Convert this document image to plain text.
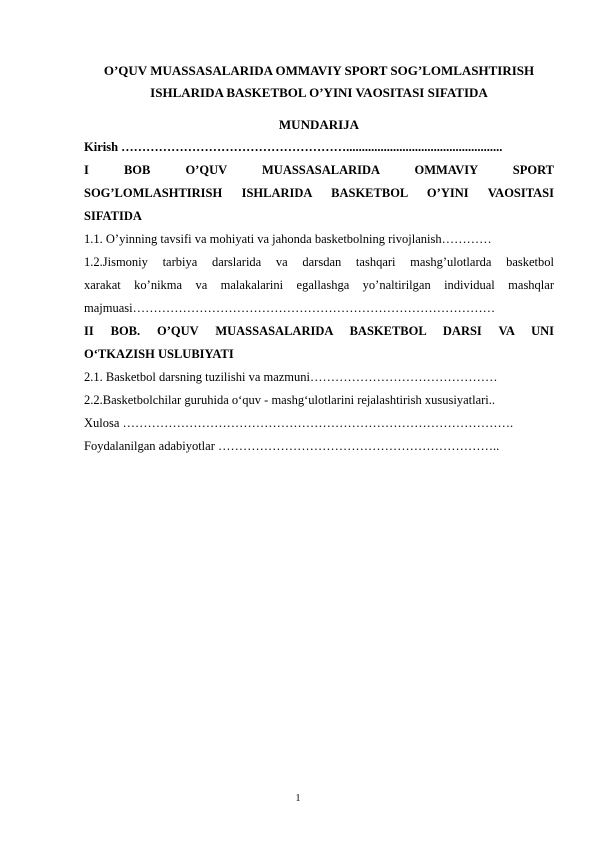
O’QUV MUASSASALARIDA OMMAVIY SPORT SOG’LOMLASHTIRISH
ISHLARIDA BASKETBOL O’YINI VAOSITASI SIFATIDA
MUNDARIJA
Kirish ………………………………………………..................................................
I BOB O’QUV MUASSASALARIDA OMMAVIY SPORT
SOG’LOMLASHTIRISH ISHLARIDA BASKETBOL O’YINI VAOSITASI
SIFATIDA
1.1. O’yinning tavsifi va mohiyati va jahonda basketbolning rivojlanish…………
1.2.Jismoniy tarbiya darslarida va darsdan tashqari mashg’ulotlarda basketbol
xarakat ko’nikma va malakalarini egallashga yo’naltirilgan individual mashqlar
majmuasi……………………………………………………………………………
II BOB. O’QUV MUASSASALARIDA BASKETBOL DARSI VA UNI
O‘TKAZISH USLUBIYATI
2.1. Basketbol darsning tuzilishi va mazmuni………………………………………
2.2.Basketbolchilar guruhida o‘quv - mashg‘ulotlarini rejalashtirish xususiyatlari..
Xulosa ………………………………………………………………………………….
Foydalanilgan adabiyotlar …………………………………………………………..
1
